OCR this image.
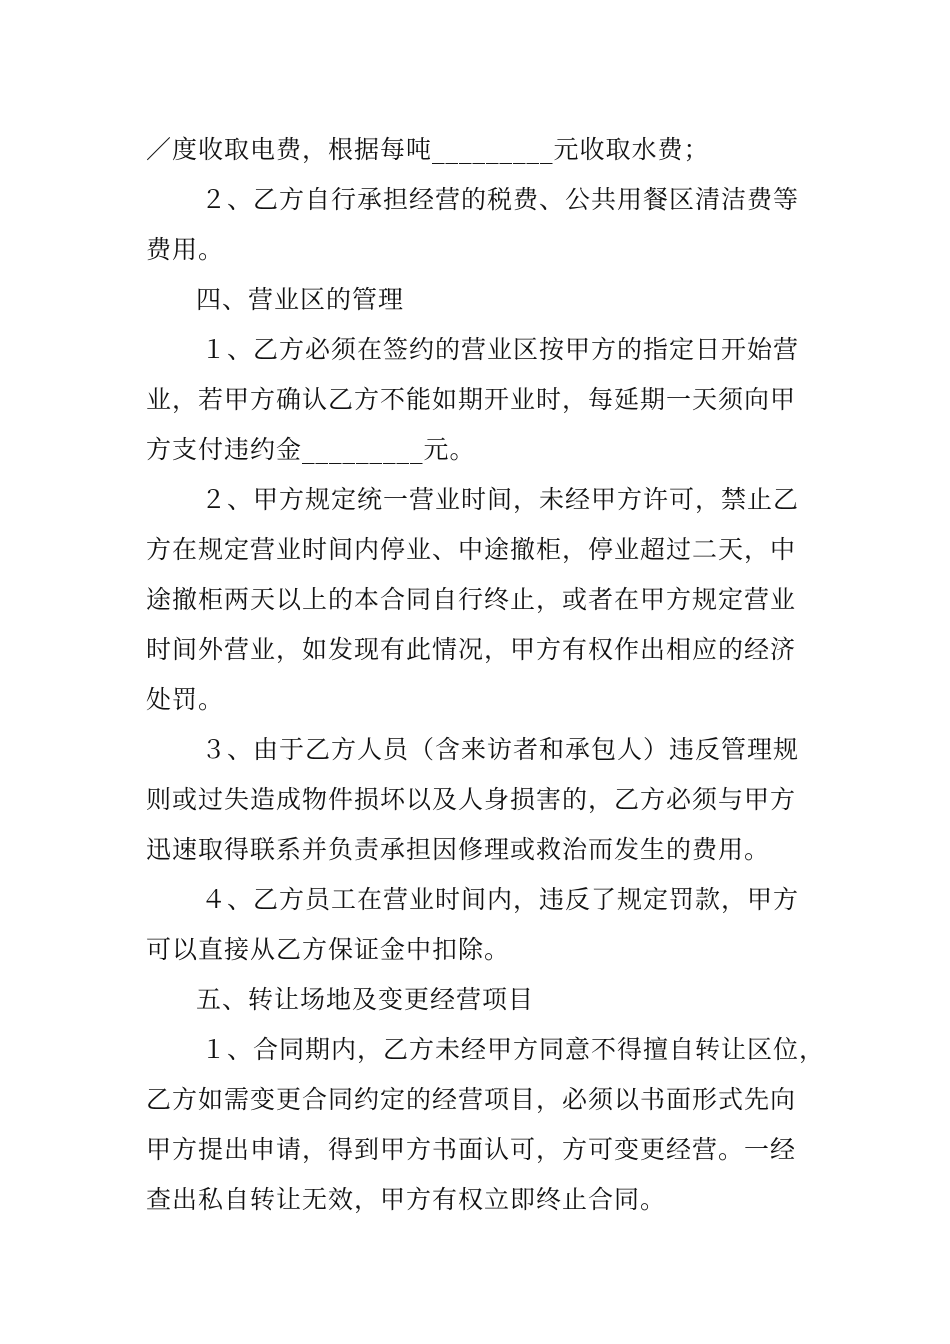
／度收取电费，根据每吨_________元收取水费；
２、乙方自行承担经营的税费、公共用餐区清洁费等
费用。
四、营业区的管理
１、乙方必须在签约的营业区按甲方的指定日开始营
业，若甲方确认乙方不能如期开业时，每延期一天须向甲
方支付违约金_________元。
２、甲方规定统一营业时间，未经甲方许可，禁止乙
方在规定营业时间内停业、中途撤柜，停业超过二天，中
途撤柜两天以上的本合同自行终止，或者在甲方规定营业
时间外营业，如发现有此情况，甲方有权作出相应的经济
处罚。
３、由于乙方人员（含来访者和承包人）违反管理规
则或过失造成物件损坏以及人身损害的，乙方必须与甲方
迅速取得联系并负责承担因修理或救治而发生的费用。
４、乙方员工在营业时间内，违反了规定罚款，甲方
可以直接从乙方保证金中扣除。
五、转让场地及变更经营项目
１、合同期内，乙方未经甲方同意不得擅自转让区位，
乙方如需变更合同约定的经营项目，必须以书面形式先向
甲方提出申请，得到甲方书面认可，方可变更经营。一经
查出私自转让无效，甲方有权立即终止合同。
